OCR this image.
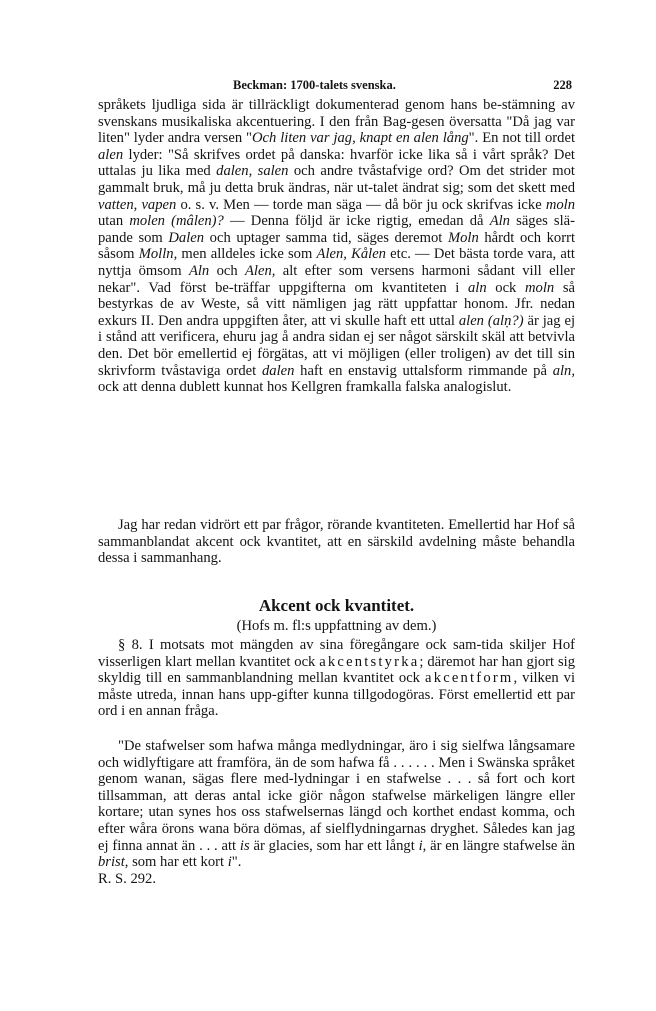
Beckman: 1700-talets svenska.	228
språkets ljudliga sida är tillräckligt dokumenterad genom hans be-stämning av svenskans musikaliska akcentuering. I den från Bag-gesen översatta "Då jag var liten" lyder andra versen "Och liten var jag, knapt en alen lång". En not till ordet alen lyder: "Så skrifves ordet på danska: hvarför icke lika så i vårt språk? Det uttalas ju lika med dalen, salen och andre tvåstafvige ord? Om det strider mot gammalt bruk, må ju detta bruk ändras, när ut-talet ändrat sig; som det skett med vatten, vapen o. s. v. Men — torde man säga — då bör ju ock skrifvas icke moln utan molen (mâlen)? — Denna följd är icke rigtig, emedan då Aln säges slä-pande som Dalen och uptager samma tid, säges deremot Moln hårdt och korrt såsom Molln, men alldeles icke som Alen, Kålen etc. — Det bästa torde vara, att nyttja ömsom Aln och Alen, alt efter som versens harmoni sådant vill eller nekar". Vad först be-träffar uppgifterna om kvantiteten i aln ock moln så bestyrkas de av Weste, så vitt nämligen jag rätt uppfattar honom. Jfr. nedan exkurs II. Den andra uppgiften åter, att vi skulle haft ett uttal alen (alṇ?) är jag ej i stånd att verificera, ehuru jag å andra sidan ej ser något särskilt skäl att betvivla den. Det bör emellertid ej förgätas, att vi möjligen (eller troligen) av det till sin skrivform tvåstaviga ordet dalen haft en enstavig uttalsform rimmande på aln, ock att denna dublett kunnat hos Kellgren framkalla falska analogislut.
Jag har redan vidrört ett par frågor, rörande kvantiteten. Emellertid har Hof så sammanblandat akcent ock kvantitet, att en särskild avdelning måste behandla dessa i sammanhang.
Akcent ock kvantitet.
(Hofs m. fl:s uppfattning av dem.)
§ 8. I motsats mot mängden av sina föregångare ock sam-tida skiljer Hof visserligen klart mellan kvantitet ock akcentstyrka; däremot har han gjort sig skyldig till en sammanblandning mellan kvantitet ock akcentform, vilken vi måste utreda, innan hans upp-gifter kunna tillgodogöras. Först emellertid ett par ord i en annan fråga.
"De stafwelser som hafwa många medlydningar, äro i sig sielfwa långsamare och widlyftigare att framföra, än de som hafwa få . . . . . . Men i Swänska språket genom wanan, sägas flere med-lydningar i en stafwelse . . . så fort och kort tillsamman, att deras antal icke giör någon stafwelse märkeligen längre eller kortare; utan synes hos oss stafwelsernas längd och korthet endast komma, och efter wåra örons wana böra dömas, af sielflydningarnas dryghet. Således kan jag ej finna annat än . . . att is är glacies, som har ett långt i, är en längre stafwelse än brist, som har ett kort i".
R. S. 292.
